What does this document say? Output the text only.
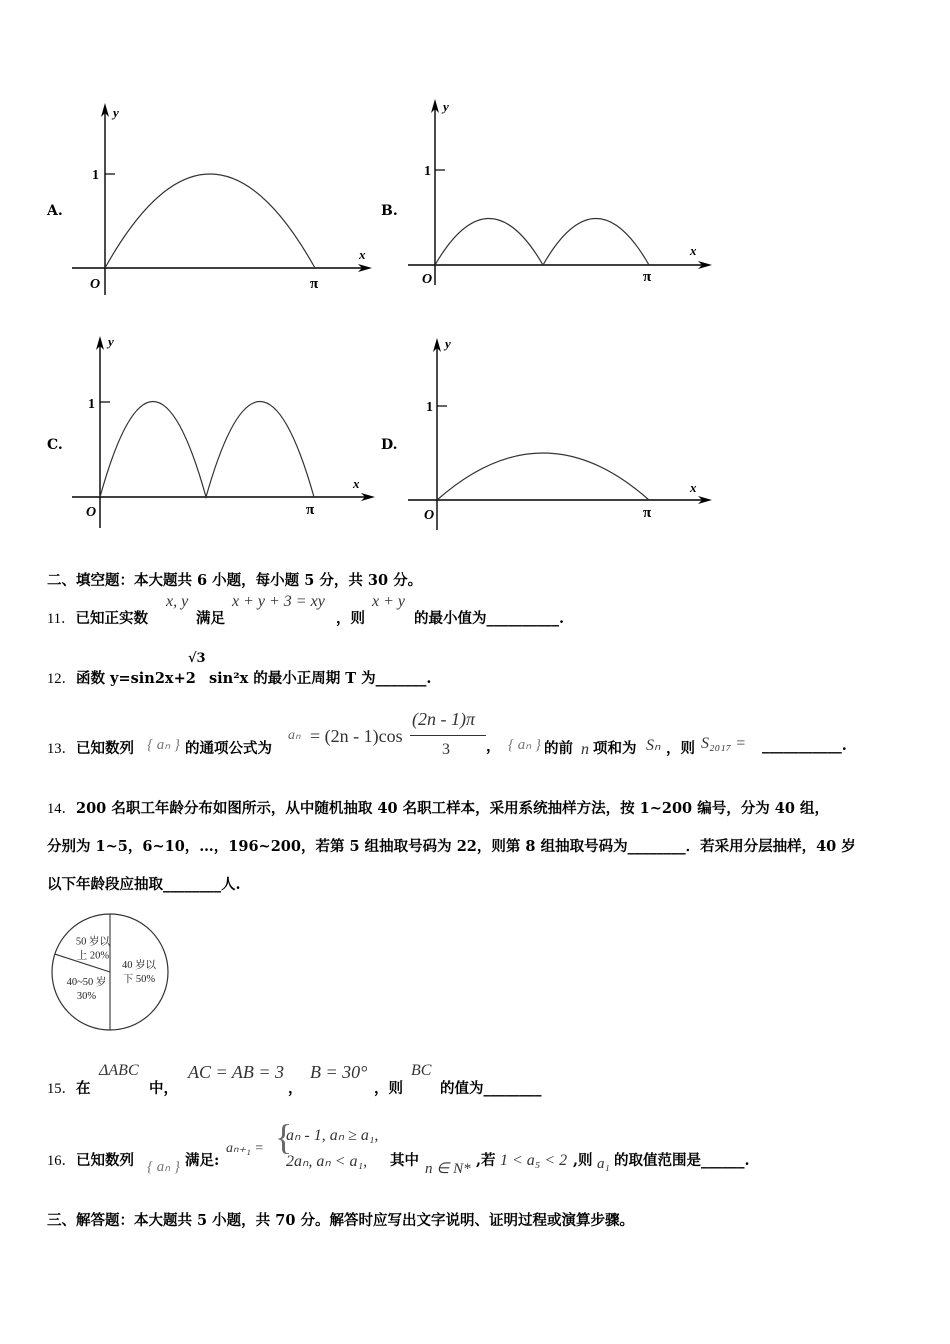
A.
y
1
x
O	π
B.
y
1
x
O	π
C.
y
1
x
O	π
D.
y
1
x
O	π
二、填空题：本大题共 6 小题，每小题 5 分，共 30 分。
11．已知正实数
x, y
满足
x + y + 3 = xy
，则
x + y
的最小值为__________.
12．函数 y=sin2x+2
√3
sin²x 的最小正周期 T 为_______.
13．已知数列 { aₙ } 的通项公式为
aₙ = (2n - 1)cos
(2n - 1)π
3 ， { aₙ } 的前 n 项和为 Sₙ ，则 S₂₀₁₇ = ___________.
14．200 名职工年龄分布如图所示，从中随机抽取 40 名职工样本，采用系统抽样方法，按 1~200 编号，分为 40 组，
分别为 1~5，6~10，…，196~200，若第 5 组抽取号码为 22，则第 8 组抽取号码为________．若采用分层抽样，40 岁
以下年龄段应抽取________人.
40 岁以
下 50%
40~50 岁
30%
50 岁以
上 20%
15．在
ΔABC
中，
AC = AB = 3
，
B = 30°
，则
BC
的值为________
16．已知数列 { aₙ } 满足:
aₙ₊₁ = {
aₙ - 1, aₙ ≥ a₁,
2aₙ, aₙ < a₁, 其中 n ∈ N* ,若 1 < a₅ < 2 ,则 a₁ 的取值范围是______.
三、解答题：本大题共 5 小题，共 70 分。解答时应写出文字说明、证明过程或演算步骤。
